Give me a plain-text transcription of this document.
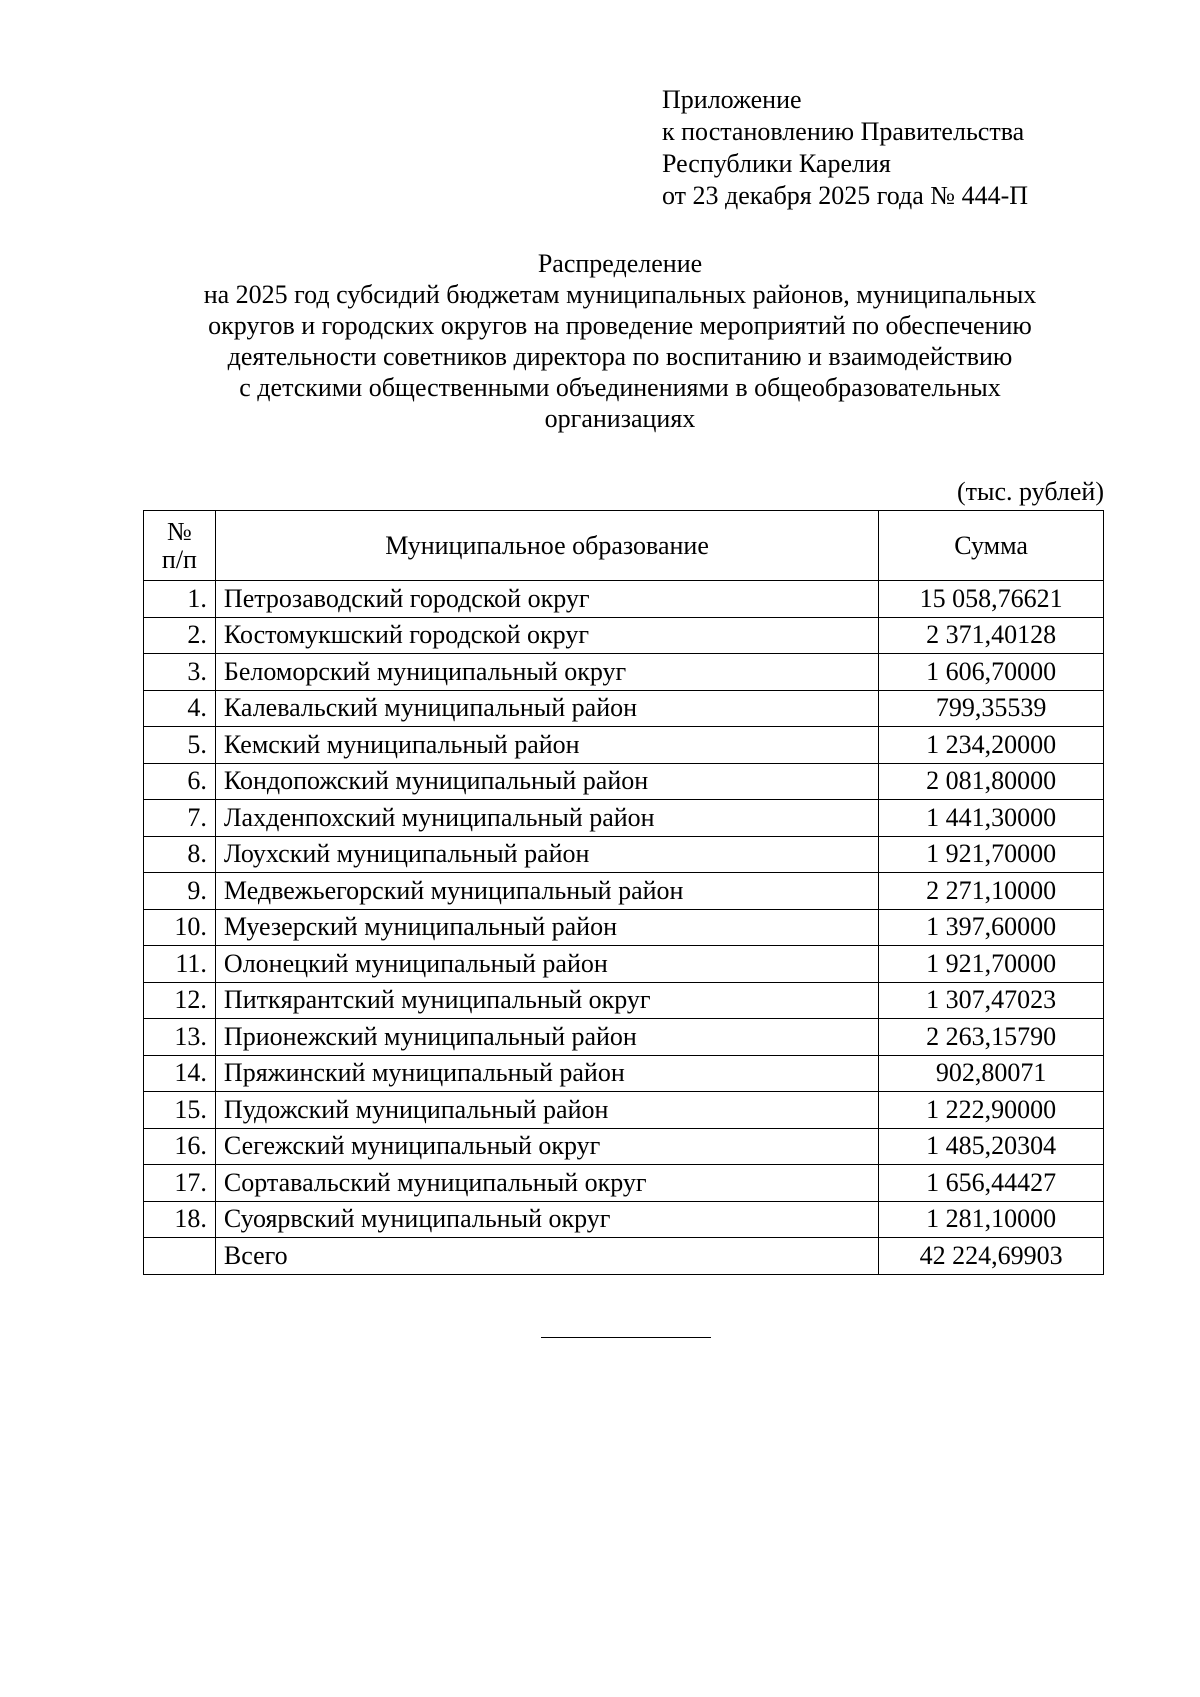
Приложение
к постановлению Правительства
Республики Карелия
от 23 декабря 2025 года № 444-П
Распределение
на 2025 год субсидий бюджетам муниципальных районов, муниципальных
округов и городских округов на проведение мероприятий по обеспечению
деятельности советников директора по воспитанию и взаимодействию
с детскими общественными объединениями в общеобразовательных
организациях
(тыс. рублей)
№
п/п	Муниципальное образование	Сумма
1.	Петрозаводский городской округ	15 058,76621
2.	Костомукшский городской округ	2 371,40128
3.	Беломорский муниципальный округ	1 606,70000
4.	Калевальский муниципальный район	799,35539
5.	Кемский муниципальный район	1 234,20000
6.	Кондопожский муниципальный район	2 081,80000
7.	Лахденпохский муниципальный район	1 441,30000
8.	Лоухский муниципальный район	1 921,70000
9.	Медвежьегорский муниципальный район	2 271,10000
10.	Муезерский муниципальный район	1 397,60000
11.	Олонецкий муниципальный район	1 921,70000
12.	Питкярантский муниципальный округ	1 307,47023
13.	Прионежский муниципальный район	2 263,15790
14.	Пряжинский муниципальный район	902,80071
15.	Пудожский муниципальный район	1 222,90000
16.	Сегежский муниципальный округ	1 485,20304
17.	Сортавальский муниципальный округ	1 656,44427
18.	Суоярвский муниципальный округ	1 281,10000
	Всего	42 224,69903
